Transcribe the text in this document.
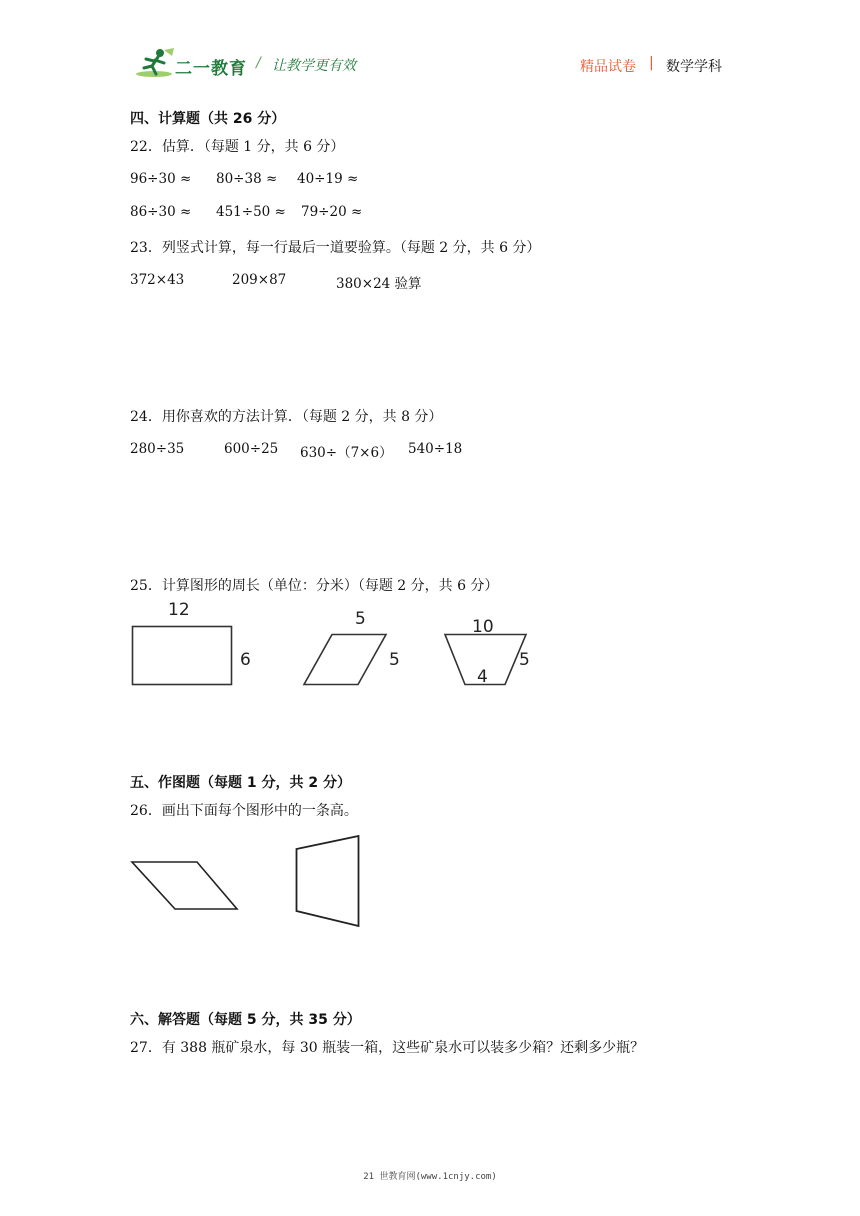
二一教育 / 让教学更有效	精品试卷 | 数学学科
四、计算题（共 26 分）
22．估算．（每题 1 分，共 6 分）
96÷30 ≈ 80÷38 ≈ 40÷19 ≈
86÷30 ≈ 451÷50 ≈ 79÷20 ≈
23．列竖式计算，每一行最后一道要验算。（每题 2 分，共 6 分）
372×43	209×87	380×24 验算
24．用你喜欢的方法计算．（每题 2 分，共 8 分）
280÷35	600÷25 630÷（7×6） 540÷18
25．计算图形的周长（单位：分米）（每题 2 分，共 6 分）
12
6
5
5
10
4
5
五、作图题（每题 1 分，共 2 分）
26．画出下面每个图形中的一条高。
六、解答题（每题 5 分，共 35 分）
27．有 388 瓶矿泉水，每 30 瓶装一箱，这些矿泉水可以装多少箱？还剩多少瓶？
21 世教育网(www.1cnjy.com)
